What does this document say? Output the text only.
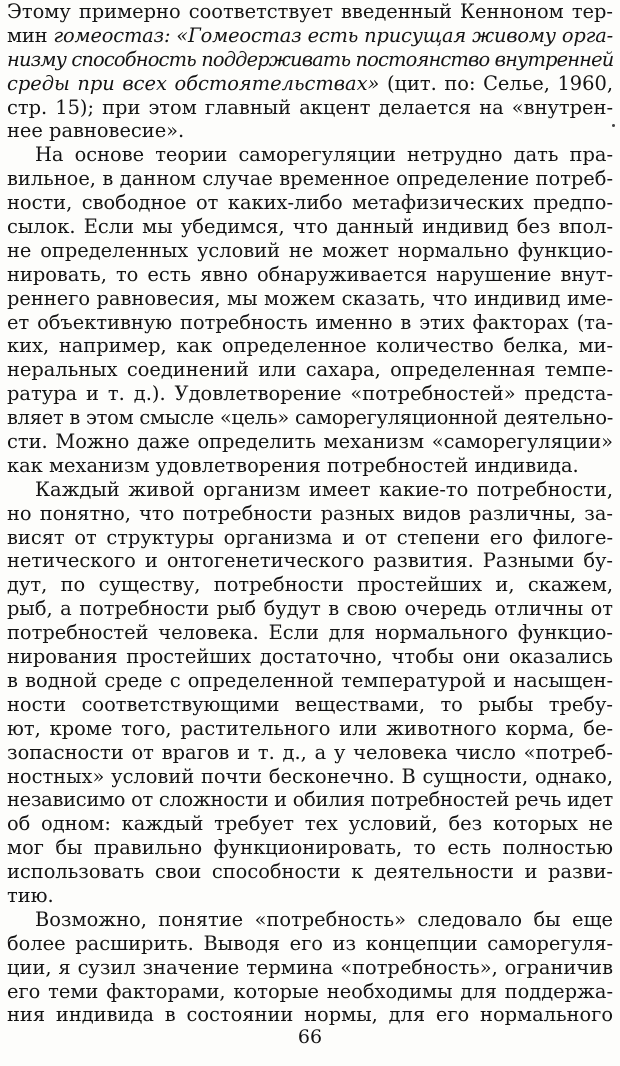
Этому примерно соответствует введенный Кенноном тер-
мин гомеостаз: «Гомеостаз есть присущая живому орга-
низму способность поддерживать постоянство внутренней
среды при всех обстоятельствах» (цит. по: Селье, 1960,
стр. 15); при этом главный акцент делается на «внутрен-
нее равновесие».
На основе теории саморегуляции нетрудно дать пра-
вильное, в данном случае временное определение потреб-
ности, свободное от каких-либо метафизических предпо-
сылок. Если мы убедимся, что данный индивид без впол-
не определенных условий не может нормально функцио-
нировать, то есть явно обнаруживается нарушение внут-
реннего равновесия, мы можем сказать, что индивид име-
ет объективную потребность именно в этих факторах (та-
ких, например, как определенное количество белка, ми-
неральных соединений или сахара, определенная темпе-
ратура и т. д.). Удовлетворение «потребностей» предста-
вляет в этом смысле «цель» саморегуляционной деятельно-
сти. Можно даже определить механизм «саморегуляции»
как механизм удовлетворения потребностей индивида.
Каждый живой организм имеет какие-то потребности,
но понятно, что потребности разных видов различны, за-
висят от структуры организма и от степени его филоге-
нетического и онтогенетического развития. Разными бу-
дут, по существу, потребности простейших и, скажем,
рыб, а потребности рыб будут в свою очередь отличны от
потребностей человека. Если для нормального функцио-
нирования простейших достаточно, чтобы они оказались
в водной среде с определенной температурой и насыщен-
ности соответствующими веществами, то рыбы требу-
ют, кроме того, растительного или животного корма, бе-
зопасности от врагов и т. д., а у человека число «потреб-
ностных» условий почти бесконечно. В сущности, однако,
независимо от сложности и обилия потребностей речь идет
об одном: каждый требует тех условий, без которых не
мог бы правильно функционировать, то есть полностью
использовать свои способности к деятельности и разви-
тию.
Возможно, понятие «потребность» следовало бы еще
более расширить. Выводя его из концепции саморегуля-
ции, я сузил значение термина «потребность», ограничив
его теми факторами, которые необходимы для поддержа-
ния индивида в состоянии нормы, для его нормального
66
